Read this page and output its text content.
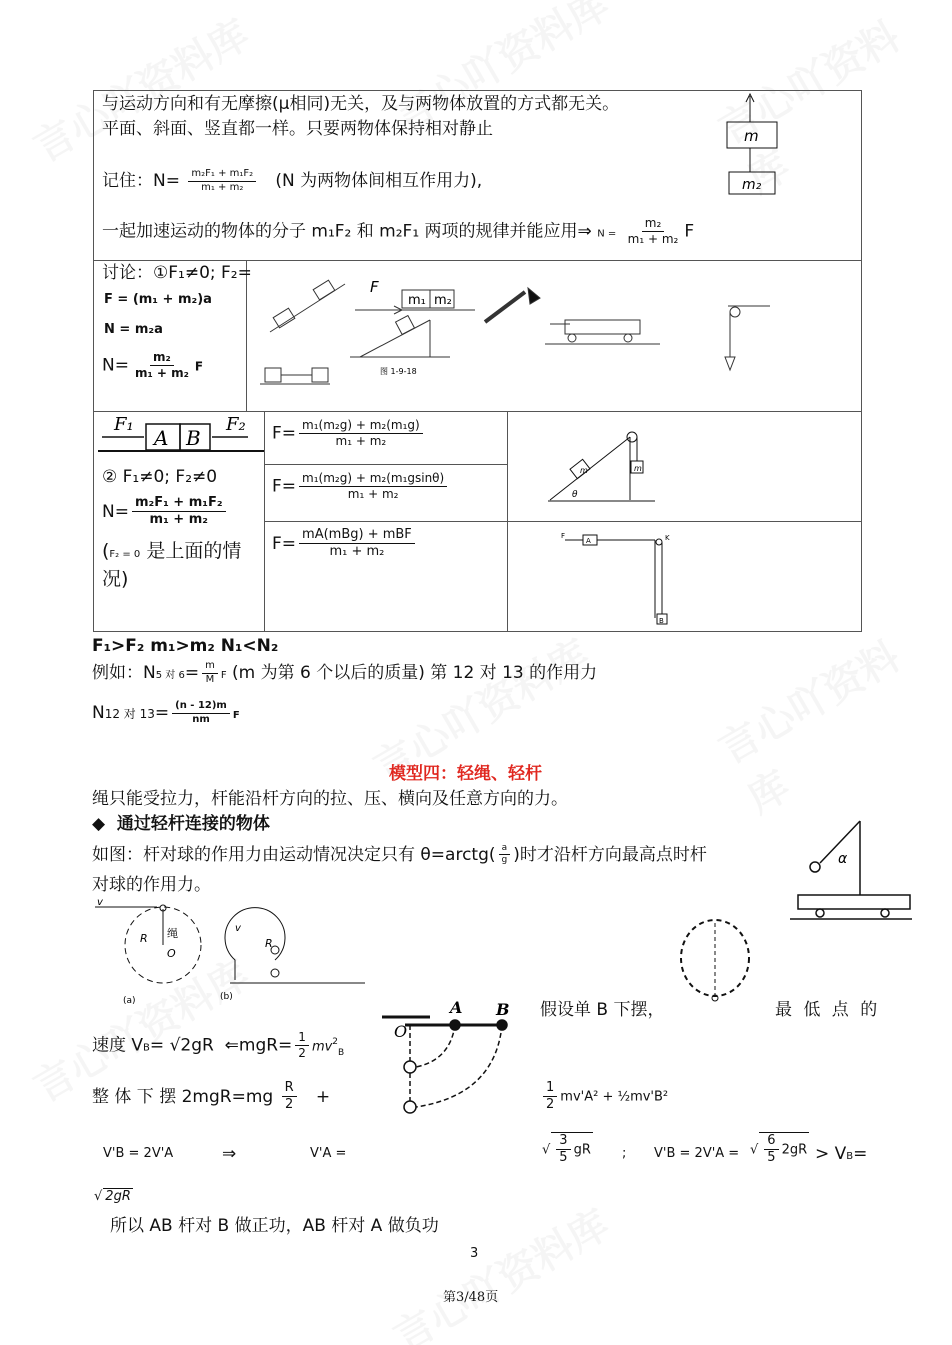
与运动方向和有无摩擦(μ相同)无关，及与两物体放置的方式都无关。
平面、斜面、竖直都一样。只要两物体保持相对静止
记住：$N= \frac{\text{m₂F₁ + m₁F₂}}{\text{m₁ + m₂}} (N$ 为两物体间相互作用力),
一起加速运动的物体的分子 m₁F₂ 和 m₂F₁ 两项的规律并能应用⇒ $N = \frac{\text{m₂}}{\text{m₁ + m₂}}$ F
m
m₂
讨论：①F₁≠0; F₂=
F = (m₁ + m₂)a
N = m₂a
$N= \frac{\text{m₂}}{\text{m₁ + m₂}}$ F
m₁ m₂
F
图 1-9-18
A B
F₁	F₂
② F₁≠0; F₂≠0
$N= \frac{\text{m₂F₁ + m₁F₂}}{\text{m₁ + m₂}}$
(F₂ = 0 是上面的情
况)
$F= \frac{\text{m₁(m₂g) + m₂(m₁g)}}{\text{m₁ + m₂}}$
$F= \frac{\text{m₁(m₂g) + m₂(m₁gsinθ)}}{\text{m₁ + m₂}}$
$F= \frac{\text{mA(mBg) + mBF}}{\text{m₁ + m₂}}$
m	m
θ
F
A	K
B
F₁>F₂ m₁>m₂ N₁<N₂
例如：N5 对 $6= \frac{m}{M}$ F (m 为第 6 个以后的质量) 第 12 对 13 的作用力
N12 对 $13= \frac{(n - 12)m}{nm}$ F
模型四：轻绳、轻杆
绳只能受拉力，杆能沿杆方向的拉、压、横向及任意方向的力。
◆ 通过轻杆连接的物体
如图：杆对球的作用力由运动情况决定只有 θ=arctg( $\frac{a}{g}$ )时才沿杆方向最高点时杆
对球的作用力。
α
v
R
O
绳
(a)	(b)
v
R
A B
O
假设单 B 下摆，	最 低 点 的
速度 VB= √2gR ⇐mgR= $\frac{1}{2} mv^2_B$
整 体 下 摆 $2mgR=mg \frac{R}{2}$ +	$\frac{1}{2} mv'A^2$ + ½mv'B²
V'B = 2V'A	⇒	V'A =	√ $\frac{3}{5}$ gR ; V'B = 2V'A = √ $\frac{6}{5} 2gR > VB=$
√ 2gR
所以 AB 杆对 B 做正功，AB 杆对 A 做负功
3
第3/48页
